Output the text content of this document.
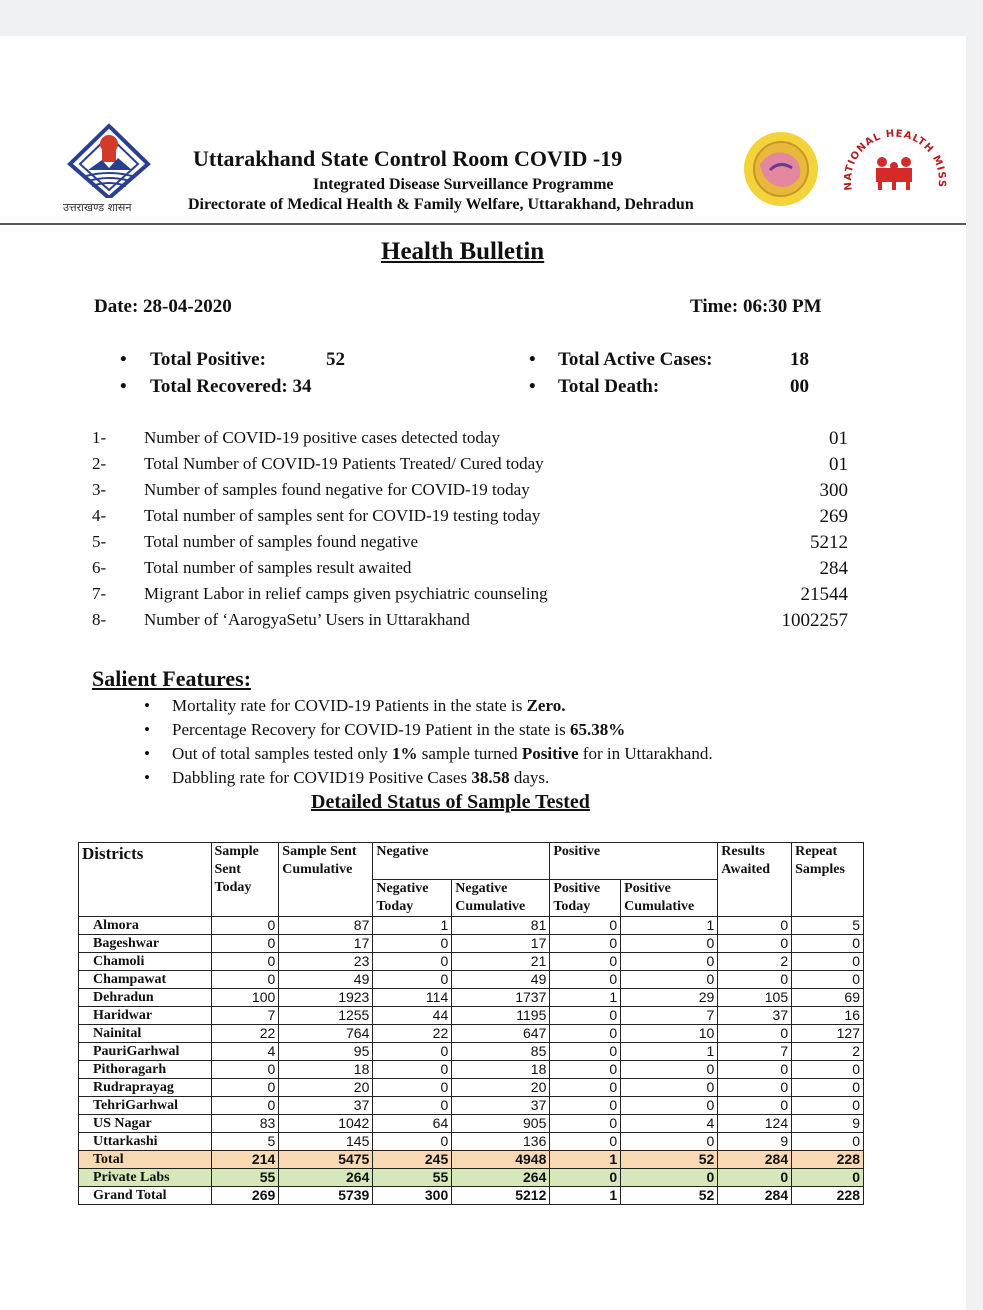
उत्तराखण्ड शासन
Uttarakhand State Control Room COVID -19
Integrated Disease Surveillance Programme
Directorate of Medical Health & Family Welfare, Uttarakhand, Dehradun
NATIONAL HEALTH MISS
Health Bulletin
Date: 28-04-2020	Time: 06:30 PM
• Total Positive:	52
• Total Recovered: 34
• Total Active Cases:	18
• Total Death:	00
1- Number of COVID-19 positive cases detected today	01
2- Total Number of COVID-19 Patients Treated/ Cured today	01
3- Number of samples found negative for COVID-19 today	300
4- Total number of samples sent for COVID-19 testing today	269
5- Total number of samples found negative	5212
6- Total number of samples result awaited	284
7- Migrant Labor in relief camps given psychiatric counseling	21544
8- Number of ‘AarogyaSetu’ Users in Uttarakhand	1002257
Salient Features:
• Mortality rate for COVID-19 Patients in the state is Zero.
• Percentage Recovery for COVID-19 Patient in the state is 65.38%
• Out of total samples tested only 1% sample turned Positive for in Uttarakhand.
• Dabbling rate for COVID19 Positive Cases 38.58 days.
Detailed Status of Sample Tested
Districts	Sample Sent Today	Sample Sent Cumulative	Negative		Positive		Results Awaited	Repeat Samples
			Negative Today	Negative Cumulative	Positive Today	Positive Cumulative		
Almora	0	87	1	81	0	1	0	5
Bageshwar	0	17	0	17	0	0	0	0
Chamoli	0	23	0	21	0	0	2	0
Champawat	0	49	0	49	0	0	0	0
Dehradun	100	1923	114	1737	1	29	105	69
Haridwar	7	1255	44	1195	0	7	37	16
Nainital	22	764	22	647	0	10	0	127
PauriGarhwal	4	95	0	85	0	1	7	2
Pithoragarh	0	18	0	18	0	0	0	0
Rudraprayag	0	20	0	20	0	0	0	0
TehriGarhwal	0	37	0	37	0	0	0	0
US Nagar	83	1042	64	905	0	4	124	9
Uttarkashi	5	145	0	136	0	0	9	0
Total	214	5475	245	4948	1	52	284	228
Private Labs	55	264	55	264	0	0	0	0
Grand Total	269	5739	300	5212	1	52	284	228
